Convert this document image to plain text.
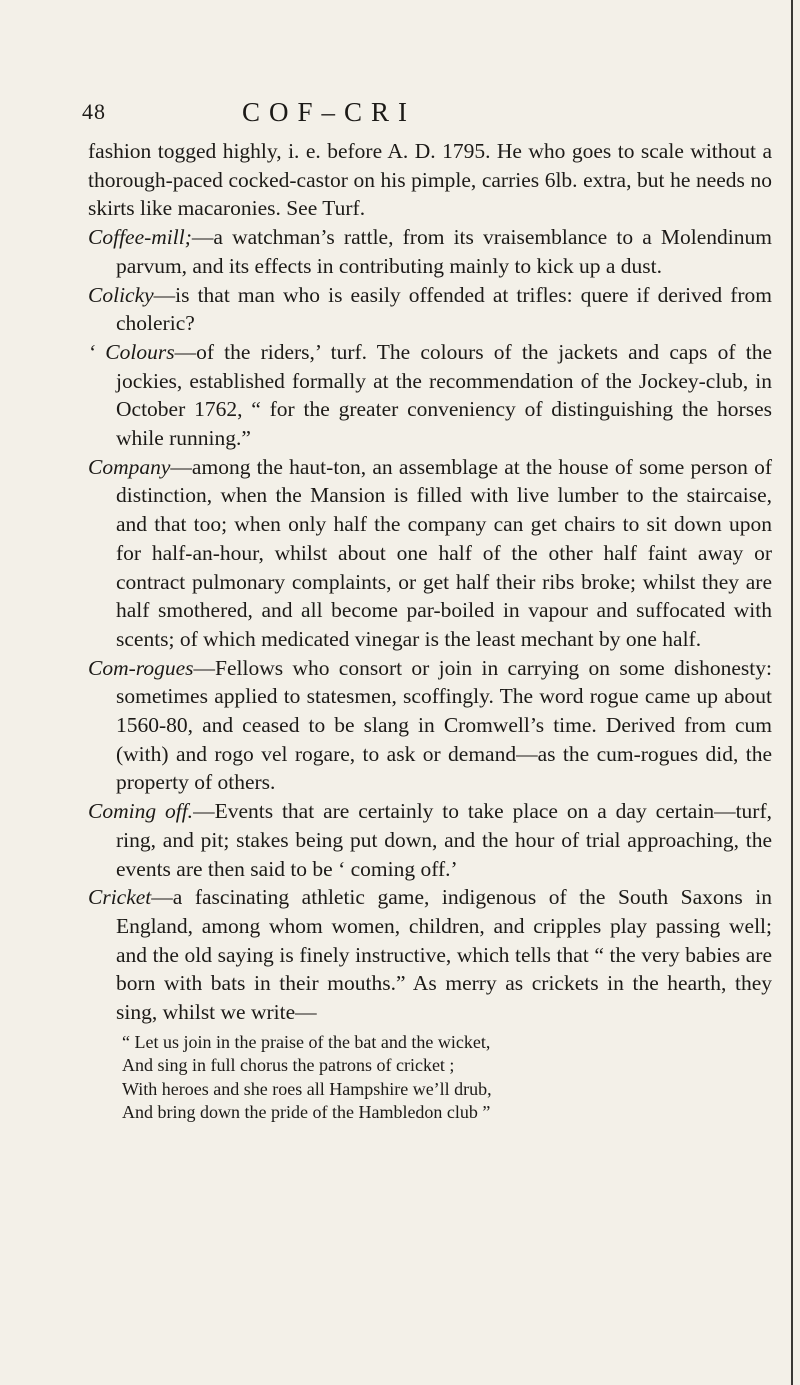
48	COF–CRI

fashion togged highly, i. e. before A. D. 1795. He who goes to scale without a thorough-paced cocked-castor on his pimple, carries 6lb. extra, but he needs no skirts like macaronies. See Turf.

Coffee-mill;—a watchman’s rattle, from its vraisemblance to a Molendinum parvum, and its effects in contributing mainly to kick up a dust.

Colicky—is that man who is easily offended at trifles: quere if derived from choleric?

‘ Colours—of the riders,’ turf. The colours of the jackets and caps of the jockies, established formally at the recommendation of the Jockey-club, in October 1762, “ for the greater conveniency of distinguishing the horses while running.”

Company—among the haut-ton, an assemblage at the house of some person of distinction, when the Mansion is filled with live lumber to the staircaise, and that too; when only half the company can get chairs to sit down upon for half-an-hour, whilst about one half of the other half faint away or contract pulmonary complaints, or get half their ribs broke; whilst they are half smothered, and all become par-boiled in vapour and suffocated with scents; of which medicated vinegar is the least mechant by one half.

Com-rogues—Fellows who consort or join in carrying on some dishonesty: sometimes applied to statesmen, scoffingly. The word rogue came up about 1560-80, and ceased to be slang in Cromwell’s time. Derived from cum (with) and rogo vel rogare, to ask or demand—as the cum-rogues did, the property of others.

Coming off.—Events that are certainly to take place on a day certain—turf, ring, and pit; stakes being put down, and the hour of trial approaching, the events are then said to be ‘ coming off.’

Cricket—a fascinating athletic game, indigenous of the South Saxons in England, among whom women, children, and cripples play passing well; and the old saying is finely instructive, which tells that “ the very babies are born with bats in their mouths.” As merry as crickets in the hearth, they sing, whilst we write—

“ Let us join in the praise of the bat and the wicket,
And sing in full chorus the patrons of cricket ;
With heroes and she roes all Hampshire we’ll drub,
And bring down the pride of the Hambledon club ”
